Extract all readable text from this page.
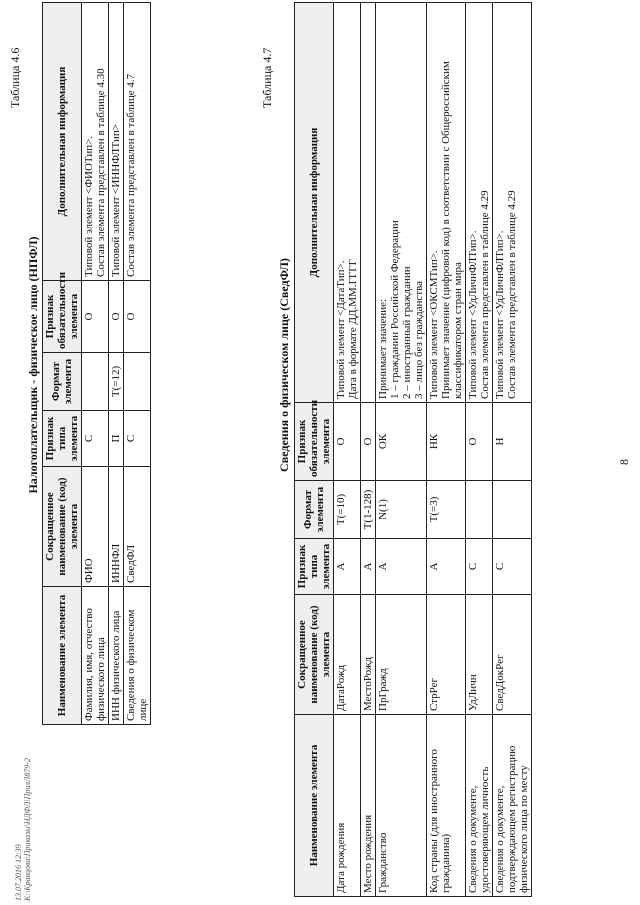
13.07.2016 12:39 К:\Кравцова\Приказы\НДФЛ\ПрилЛ879-2
8
Таблица 4.6
Налогоплательщик - физическое лицо (НПФЛ)
Наименование элемента	Сокращенное наименование (код) элемента	Признак типа элемента	Формат элемента	Признак обязательности элемента	Дополнительная информация
Фамилия, имя, отчество физического лица	ФИО	С		О	Типовой элемент <ФИОТип>. Состав элемента представлен в таблице 4.30

ИНН физического лица	ИННФЛ	П	T(=12)	О	Типовой элемент <ИННФЛТип>

Сведения о физическом лице	СведФЛ	С		О	Состав элемента представлен в таблице 4.7	Таблица 4.7
Сведения о физическом лице (СведФЛ)
Наименование элемента	Сокращенное наименование (код) элемента	Признак типа элемента	Формат элемента	Признак обязательности элемента	Дополнительная информация
Дата рождения	ДатаРожд	А	T(=10)	О	Типовой элемент <ДатаТип>. Дата в формате ДД.ММ.ГГГГ

Место рождения	МестоРожд	А	T(1-128)	О	
Гражданство	ПрГражд	А	N(1)	ОК	Принимает значение: 1 – гражданин Российской Федерации 2 – иностранный гражданин 3 – лицо без гражданства

Код страны (для иностранного гражданина)	СтрРег	А	T(=3)	НК	Типовой элемент <ОКСМТип>. Принимает значение (цифровой код) в соответствии с Общероссийским классификатором стран мира

Сведения о документе, удостоверяющем личность	УдЛичн	С		О	Типовой элемент <УдЛичнФЛТип>. Состав элемента представлен в таблице 4.29

Сведения о документе, подтверждающем регистрацию физического лица по месту	СведДокРег	С		Н	Типовой элемент <УдЛичнФЛТип>. Состав элемента представлен в таблице 4.29
